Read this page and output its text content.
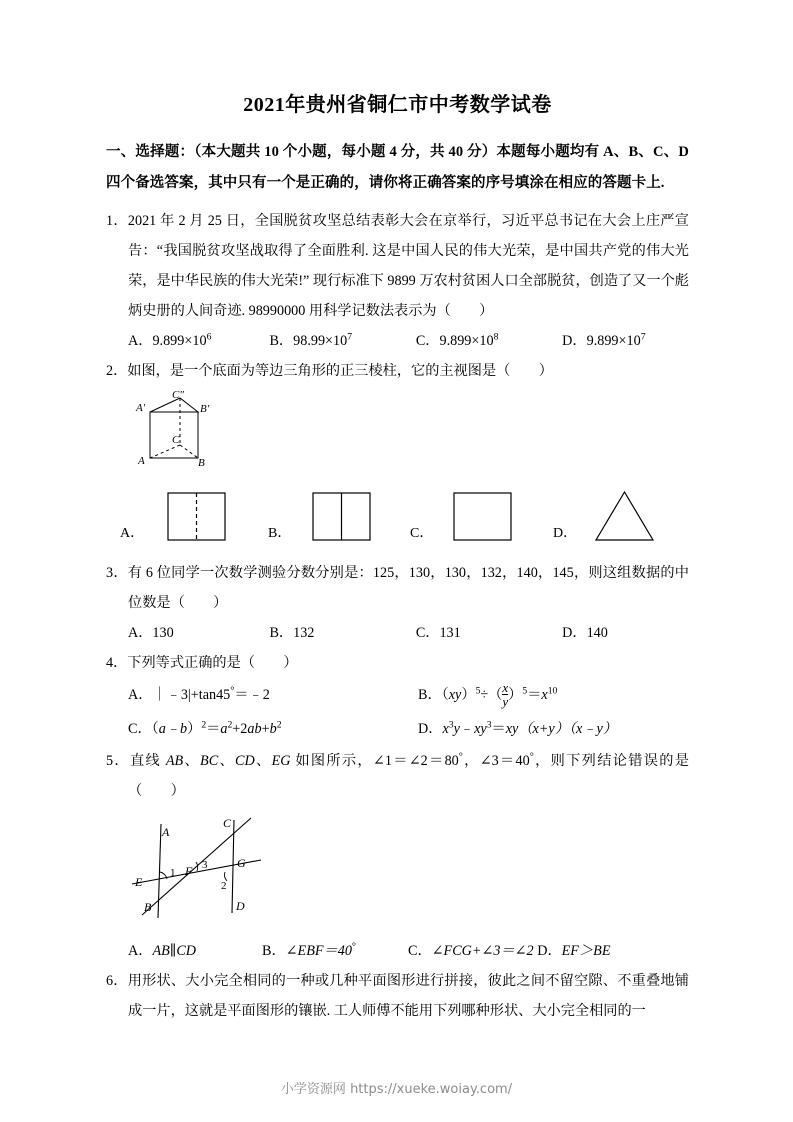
2021年贵州省铜仁市中考数学试卷
一、选择题：（本大题共 10 个小题，每小题 4 分，共 40 分）本题每小题均有 A、B、C、D 四个备选答案，其中只有一个是正确的，请你将正确答案的序号填涂在相应的答题卡上.
1．2021 年 2 月 25 日，全国脱贫攻坚总结表彰大会在京举行，习近平总书记在大会上庄严宣告：“我国脱贫攻坚战取得了全面胜利. 这是中国人民的伟大光荣，是中国共产党的伟大光荣，是中华民族的伟大光荣!” 现行标准下 9899 万农村贫困人口全部脱贫，创造了又一个彪炳史册的人间奇迹. 98990000 用科学记数法表示为（　　）
A．$9.899\times 10^6$	B．$98.99\times 10^7$	C．$9.899\times 10^8$	D．$9.899\times 10^7$
2．如图，是一个底面为等边三角形的正三棱柱，它的主视图是（　　）
A′	B′
C″
A	B
C
A．	B．	C．	D．
3．有 6 位同学一次数学测验分数分别是：125，130，130，132，140，145，则这组数据的中位数是（　　）
A．130	B．132	C．131	D．140
4．下列等式正确的是（　　）
A．｜﹣3|+tan45°＝﹣2	B．$(xy)^5\div( \frac{x}{y} )^5=x^{10}$
C．$(a﹣b)^2=a^2+2ab+b^2$	D．$x^3y﹣xy^3=xy(x+y)(x﹣y)$
5．直线 AB、BC、CD、EG 如图所示，∠1＝∠2＝80°，∠3＝40°，则下列结论错误的是（　　）
A
B
C
D
E
F
G
1
2
3
A．AB∥CD	B．∠EBF＝40°	C．∠FCG+∠3＝∠2 D．EF＞BE
6．用形状、大小完全相同的一种或几种平面图形进行拼接，彼此之间不留空隙、不重叠地铺成一片，这就是平面图形的镶嵌. 工人师傅不能用下列哪种形状、大小完全相同的一
小学资源网 https://xueke.woiay.com/
